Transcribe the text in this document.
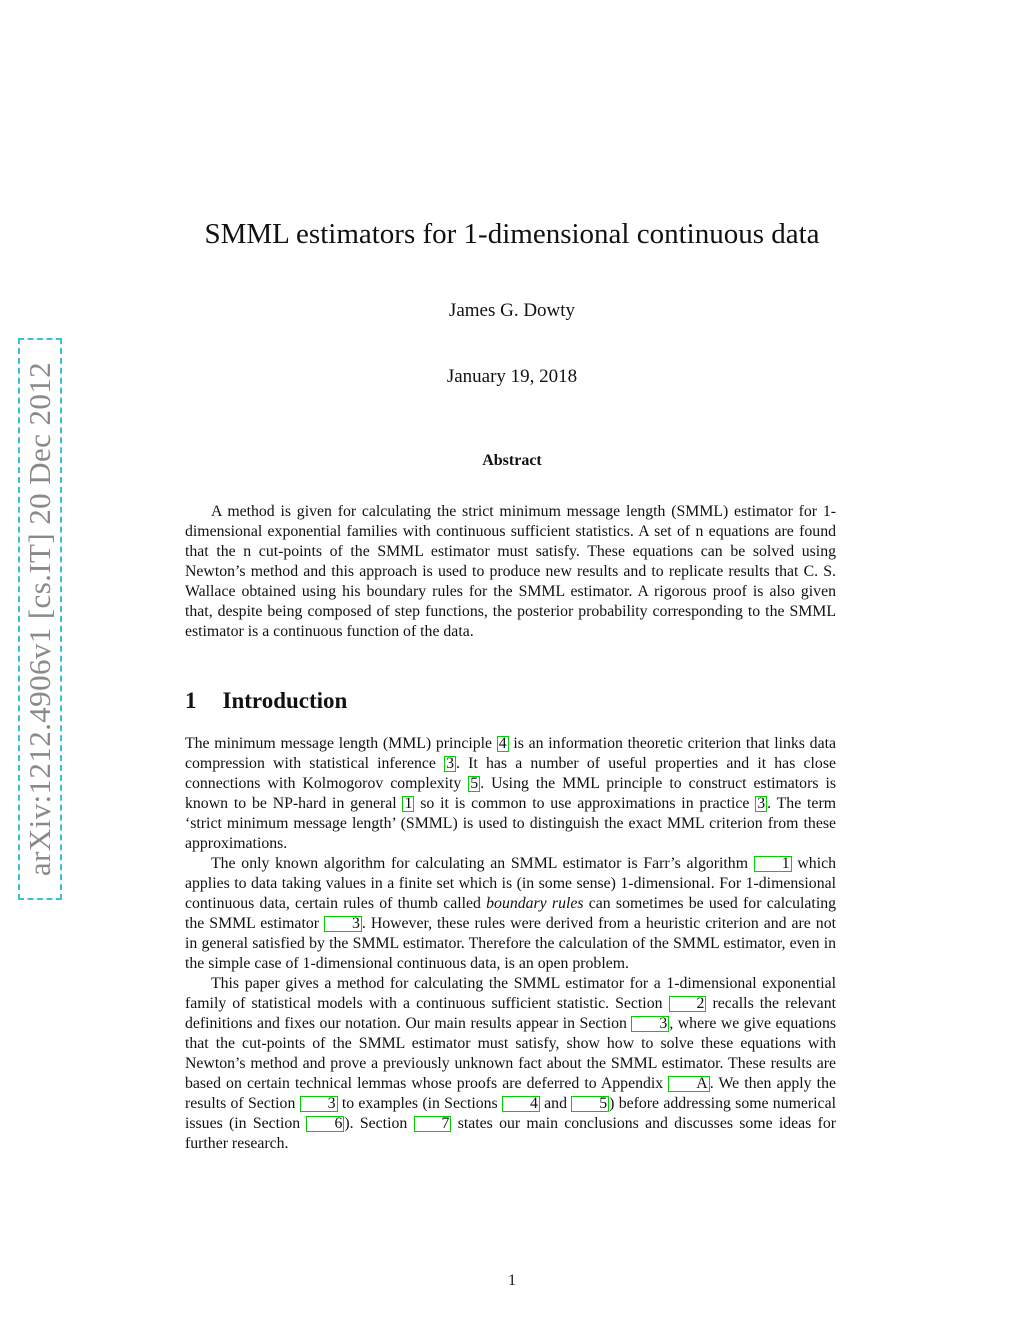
arXiv:1212.4906v1 [cs.IT] 20 Dec 2012
SMML estimators for 1-dimensional continuous data
James G. Dowty
January 19, 2018
Abstract

A method is given for calculating the strict minimum message length (SMML) estimator for 1-dimensional exponential families with continuous sufficient statistics. A set of n equations are found that the n cut-points of the SMML estimator must satisfy. These equations can be solved using Newton’s method and this approach is used to produce new results and to replicate results that C. S. Wallace obtained using his boundary rules for the SMML estimator. A rigorous proof is also given that, despite being composed of step functions, the posterior probability corresponding to the SMML estimator is a continuous function of the data.

1 Introduction

The minimum message length (MML) principle 4 is an information theoretic criterion that links data compression with statistical inference 3 . It has a number of useful properties and it has close connections with Kolmogorov complexity 5 . Using the MML principle to construct estimators is known to be NP-hard in general 1 so it is common to use approximations in practice 3 . The term ‘strict minimum message length’ (SMML) is used to distinguish the exact MML criterion from these approximations.

The only known algorithm for calculating an SMML estimator is Farr’s algorithm 1 which applies to data taking values in a finite set which is (in some sense) 1-dimensional. For 1-dimensional continuous data, certain rules of thumb called boundary rules can sometimes be used for calculating the SMML estimator 3 . However, these rules were derived from a heuristic criterion and are not in general satisfied by the SMML estimator. Therefore the calculation of the SMML estimator, even in the simple case of 1-dimensional continuous data, is an open problem.

This paper gives a method for calculating the SMML estimator for a 1-dimensional exponential family of statistical models with a continuous sufficient statistic. Section 2 recalls the relevant definitions and fixes our notation. Our main results appear in Section 3 , where we give equations that the cut-points of the SMML estimator must satisfy, show how to solve these equations with Newton’s method and prove a previously unknown fact about the SMML estimator. These results are based on certain technical lemmas whose proofs are deferred to Appendix A . We then apply the results of Section 3 to examples (in Sections 4 and 5 ) before addressing some numerical issues (in Section 6 ). Section 7 states our main conclusions and discusses some ideas for further research.

1
